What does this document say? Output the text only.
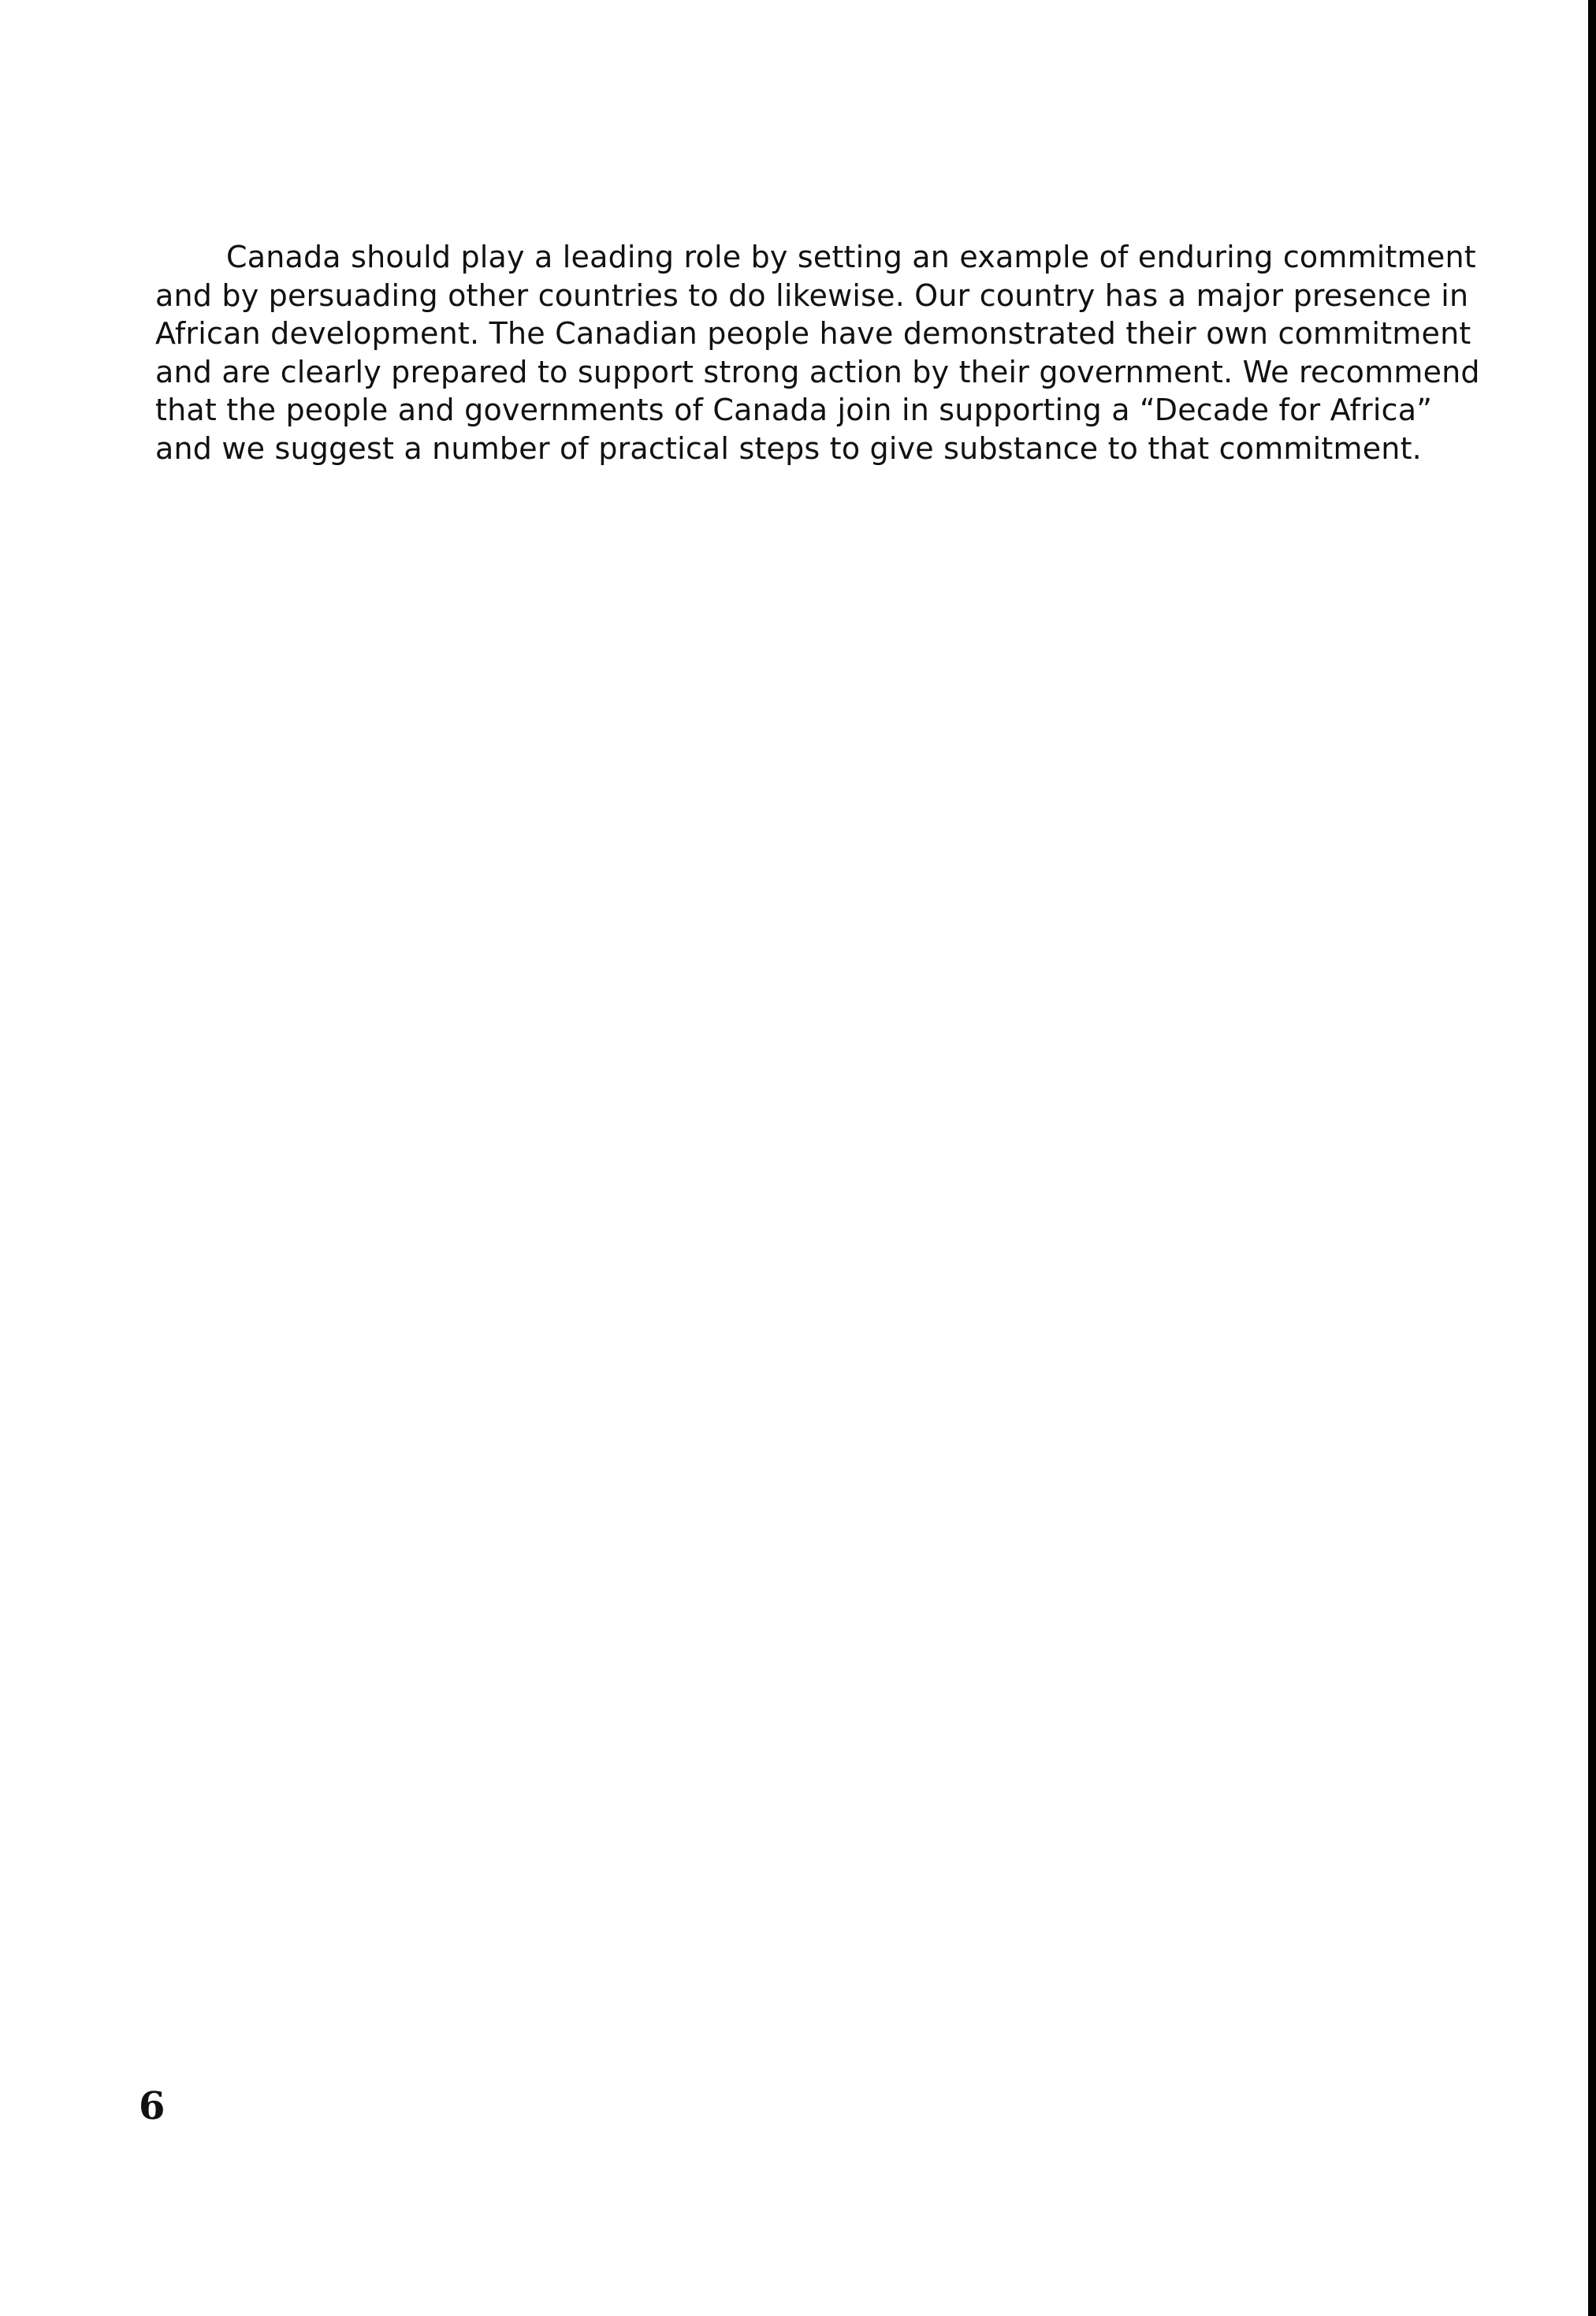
Canada should play a leading role by setting an example of enduring commitment
and by persuading other countries to do likewise. Our country has a major presence in
African development. The Canadian people have demonstrated their own commitment
and are clearly prepared to support strong action by their government. We recommend
that the people and governments of Canada join in supporting a “Decade for Africa”
and we suggest a number of practical steps to give substance to that commitment.

6
